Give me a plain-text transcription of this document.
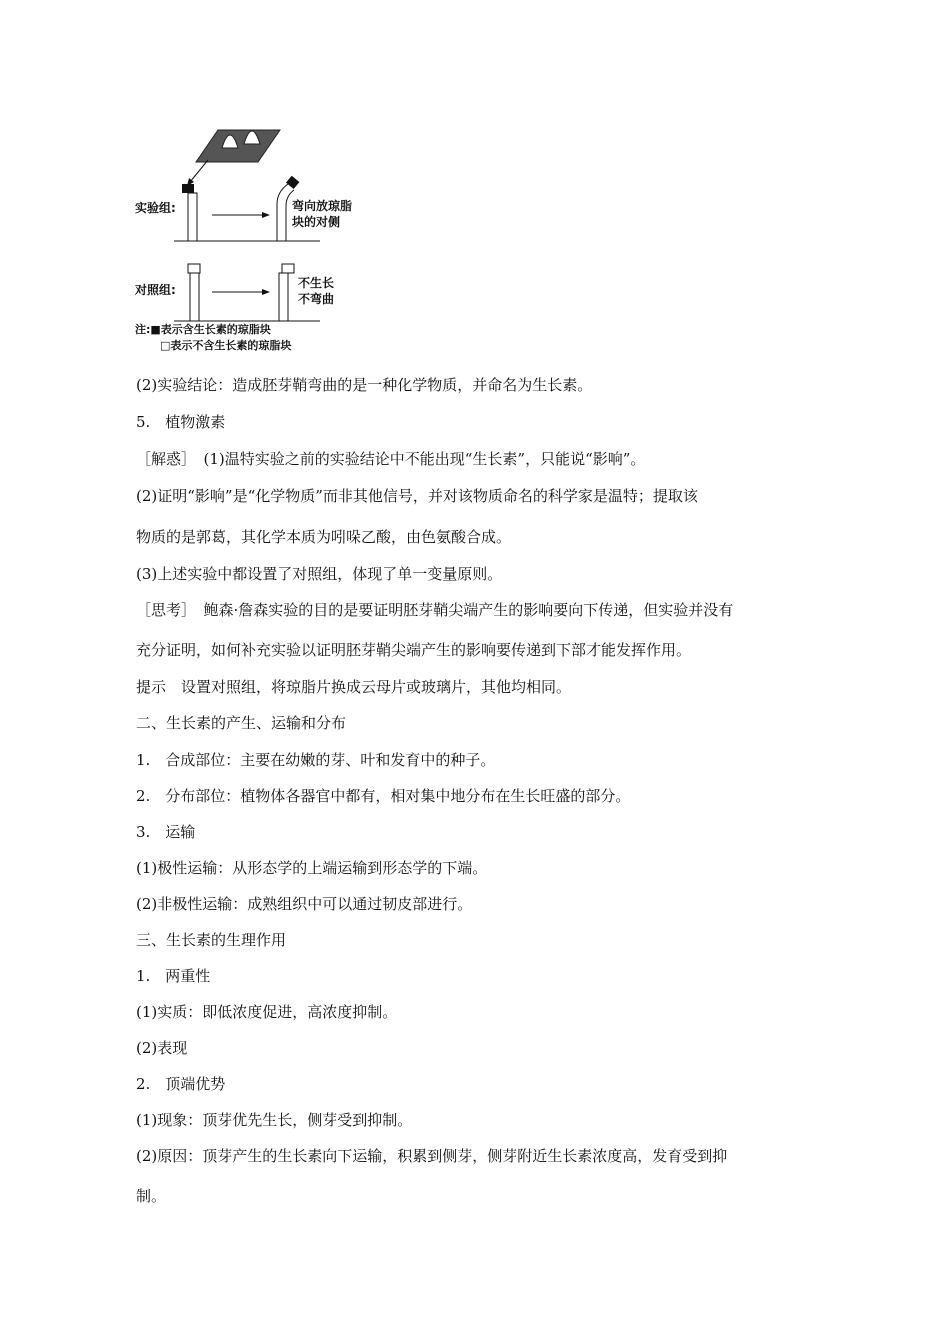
实验组:	弯向放琼脂
块的对侧
对照组:	不生长
不弯曲
注:■表示含生长素的琼脂块
□表示不含生长素的琼脂块
(2)实验结论：造成胚芽鞘弯曲的是一种化学物质，并命名为生长素。
5.　植物激素
［解惑］　(1)温特实验之前的实验结论中不能出现“生长素”，只能说“影响”。
(2)证明“影响”是“化学物质”而非其他信号，并对该物质命名的科学家是温特；提取该
物质的是郭葛，其化学本质为吲哚乙酸，由色氨酸合成。
(3)上述实验中都设置了对照组，体现了单一变量原则。
［思考］　鲍森·詹森实验的目的是要证明胚芽鞘尖端产生的影响要向下传递，但实验并没有
充分证明，如何补充实验以证明胚芽鞘尖端产生的影响要传递到下部才能发挥作用。
提示　设置对照组，将琼脂片换成云母片或玻璃片，其他均相同。
二、生长素的产生、运输和分布
1.　合成部位：主要在幼嫩的芽、叶和发育中的种子。
2.　分布部位：植物体各器官中都有，相对集中地分布在生长旺盛的部分。
3.　运输
(1)极性运输：从形态学的上端运输到形态学的下端。
(2)非极性运输：成熟组织中可以通过韧皮部进行。
三、生长素的生理作用
1.　两重性
(1)实质：即低浓度促进，高浓度抑制。
(2)表现
2.　顶端优势
(1)现象：顶芽优先生长，侧芽受到抑制。
(2)原因：顶芽产生的生长素向下运输，积累到侧芽，侧芽附近生长素浓度高，发育受到抑
制。
